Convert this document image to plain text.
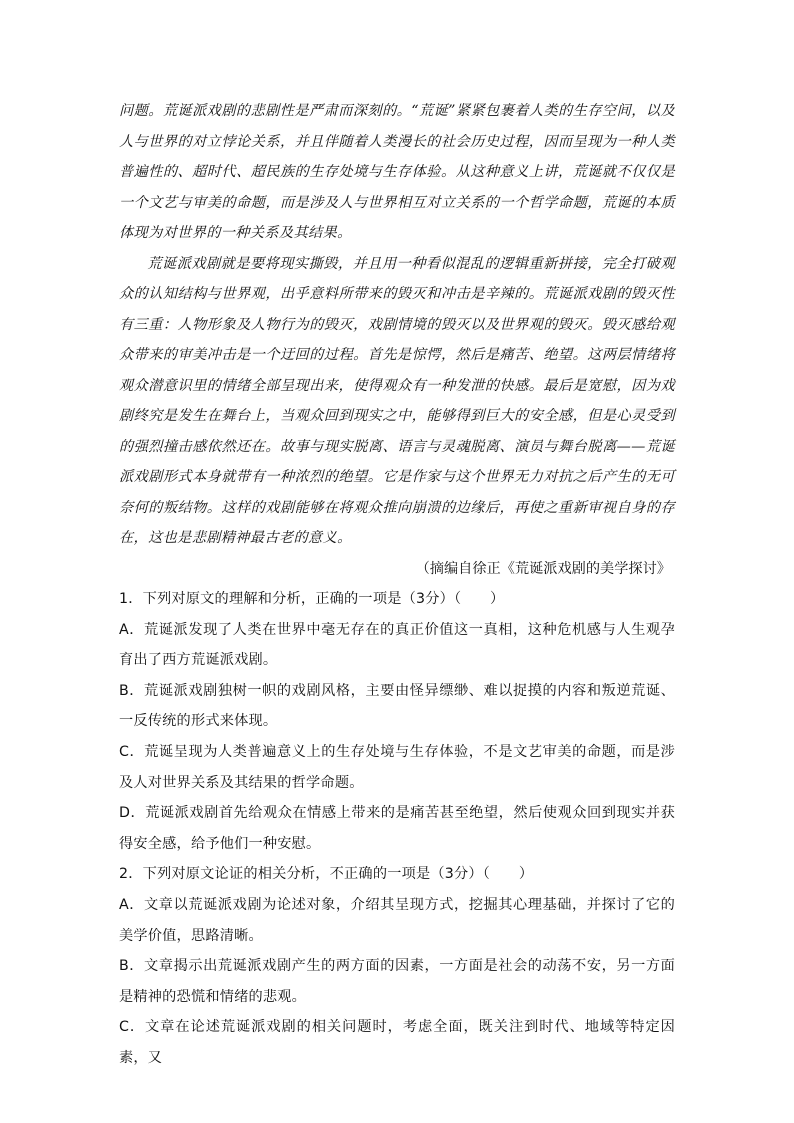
问题。荒诞派戏剧的悲剧性是严肃而深刻的。“荒诞”紧紧包裹着人类的生存空间，以及人与世界的对立悖论关系，并且伴随着人类漫长的社会历史过程，因而呈现为一种人类普遍性的、超时代、超民族的生存处境与生存体验。从这种意义上讲，荒诞就不仅仅是一个文艺与审美的命题，而是涉及人与世界相互对立关系的一个哲学命题，荒诞的本质体现为对世界的一种关系及其结果。

荒诞派戏剧就是要将现实撕毁，并且用一种看似混乱的逻辑重新拼接，完全打破观众的认知结构与世界观，出乎意料所带来的毁灭和冲击是辛辣的。荒诞派戏剧的毁灭性有三重：人物形象及人物行为的毁灭，戏剧情境的毁灭以及世界观的毁灭。毁灭感给观众带来的审美冲击是一个迂回的过程。首先是惊愕，然后是痛苦、绝望。这两层情绪将观众潜意识里的情绪全部呈现出来，使得观众有一种发泄的快感。最后是宽慰，因为戏剧终究是发生在舞台上，当观众回到现实之中，能够得到巨大的安全感，但是心灵受到的强烈撞击感依然还在。故事与现实脱离、语言与灵魂脱离、演员与舞台脱离——荒诞派戏剧形式本身就带有一种浓烈的绝望。它是作家与这个世界无力对抗之后产生的无可奈何的叛结物。这样的戏剧能够在将观众推向崩溃的边缘后，再使之重新审视自身的存在，这也是悲剧精神最古老的意义。

（摘编自徐正《荒诞派戏剧的美学探讨》

1．下列对原文的理解和分析，正确的一项是（3分）（　　）

A．荒诞派发现了人类在世界中毫无存在的真正价值这一真相，这种危机感与人生观孕育出了西方荒诞派戏剧。

B．荒诞派戏剧独树一帜的戏剧风格，主要由怪异缥缈、难以捉摸的内容和叛逆荒诞、一反传统的形式来体现。

C．荒诞呈现为人类普遍意义上的生存处境与生存体验，不是文艺审美的命题，而是涉及人对世界关系及其结果的哲学命题。

D．荒诞派戏剧首先给观众在情感上带来的是痛苦甚至绝望，然后使观众回到现实并获得安全感，给予他们一种安慰。

2．下列对原文论证的相关分析，不正确的一项是（3分）（　　）

A．文章以荒诞派戏剧为论述对象，介绍其呈现方式，挖掘其心理基础，并探讨了它的美学价值，思路清晰。

B．文章揭示出荒诞派戏剧产生的两方面的因素，一方面是社会的动荡不安，另一方面是精神的恐慌和情绪的悲观。

C．文章在论述荒诞派戏剧的相关问题时，考虑全面，既关注到时代、地域等特定因素，又
